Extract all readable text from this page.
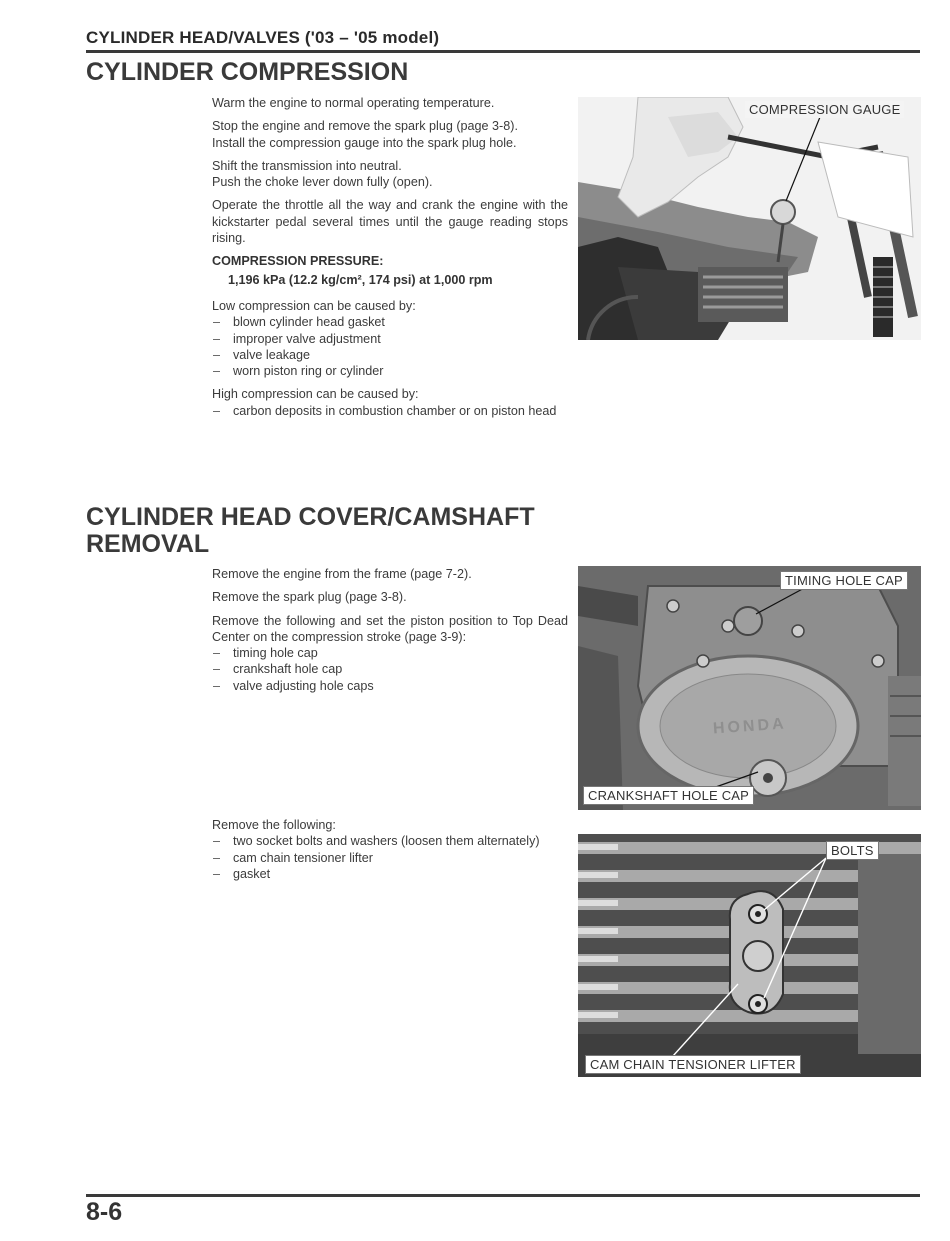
CYLINDER HEAD/VALVES ('03 – '05 model)
CYLINDER COMPRESSION

Warm the engine to normal operating temperature.

Stop the engine and remove the spark plug (page 3-8).

Install the compression gauge into the spark plug hole.

Shift the transmission into neutral.

Push the choke lever down fully (open).

Operate the throttle all the way and crank the engine with the kickstarter pedal several times until the gauge reading stops rising.

COMPRESSION PRESSURE:

1,196 kPa (12.2 kg/cm², 174 psi) at 1,000 rpm

Low compression can be caused by:

– blown cylinder head gasket
– improper valve adjustment
– valve leakage
– worn piston ring or cylinder

High compression can be caused by:

– carbon deposits in combustion chamber or on piston head
COMPRESSION GAUGE
CYLINDER HEAD COVER/CAMSHAFT
REMOVAL

Remove the engine from the frame (page 7-2).

Remove the spark plug (page 3-8).

Remove the following and set the piston position to Top Dead Center on the compression stroke (page 3-9):

– timing hole cap
– crankshaft hole cap
– valve adjusting hole caps
HONDA
TIMING HOLE CAP
CRANKSHAFT HOLE CAP

Remove the following:

– two socket bolts and washers (loosen them alternately)
– cam chain tensioner lifter
– gasket
BOLTS
CAM CHAIN TENSIONER LIFTER
8-6
